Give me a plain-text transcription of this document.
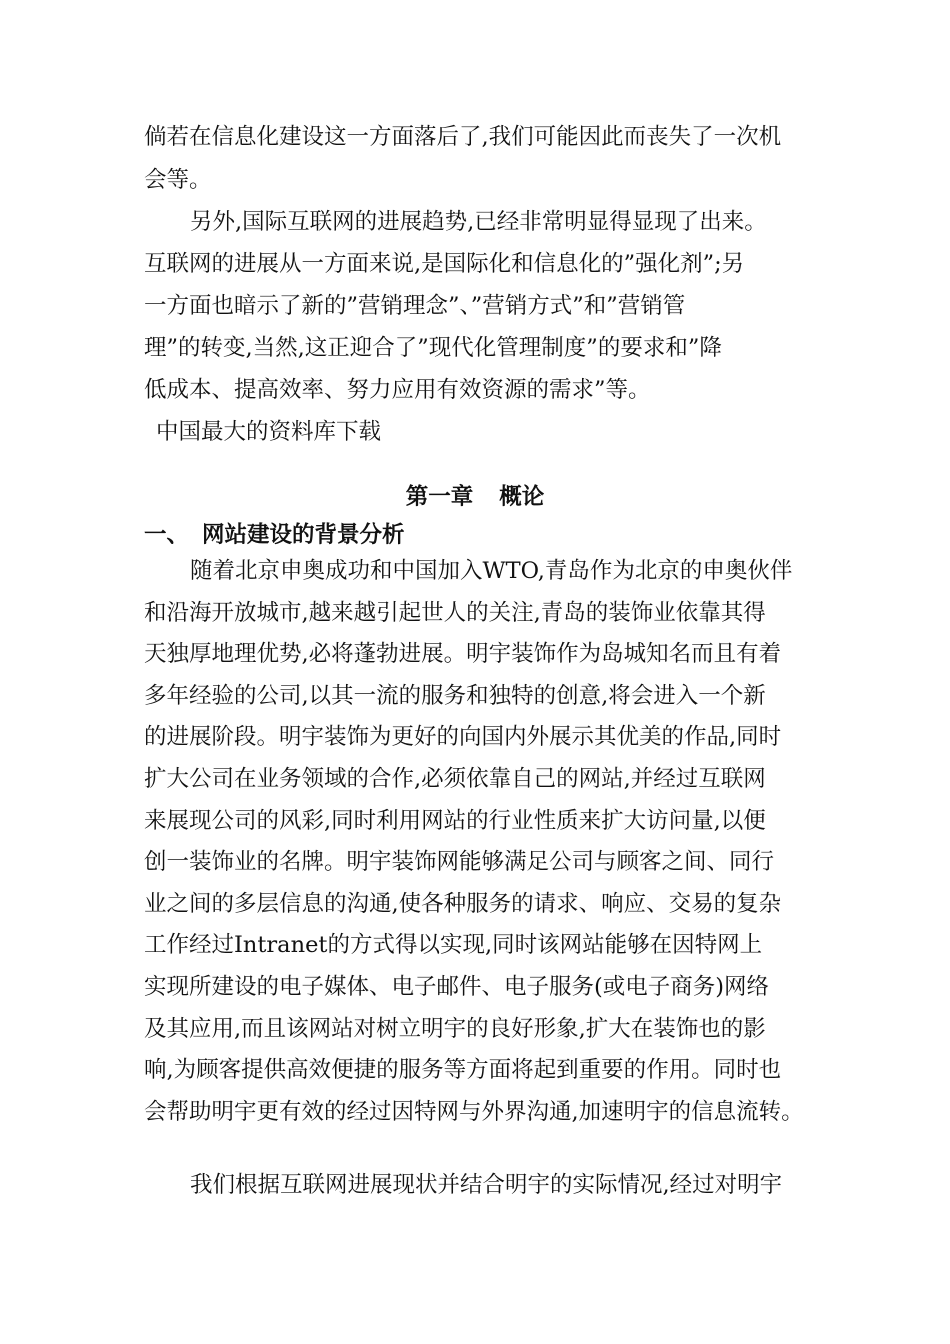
倘若在信息化建设这一方面落后了,我们可能因此而丧失了一次机
会等。
另外,国际互联网的进展趋势,已经非常明显得显现了出来。
互联网的进展从一方面来说,是国际化和信息化的”强化剂”;另
一方面也暗示了新的”营销理念”、”营销方式”和”营销管
理”的转变,当然,这正迎合了”现代化管理制度”的要求和”降
低成本、提高效率、努力应用有效资源的需求”等。
中国最大的资料库下载
第一章 概论
一、 网站建设的背景分析
随着北京申奥成功和中国加入WTO,青岛作为北京的申奥伙伴
和沿海开放城市,越来越引起世人的关注,青岛的装饰业依靠其得
天独厚地理优势,必将蓬勃进展。明宇装饰作为岛城知名而且有着
多年经验的公司,以其一流的服务和独特的创意,将会进入一个新
的进展阶段。明宇装饰为更好的向国内外展示其优美的作品,同时
扩大公司在业务领域的合作,必须依靠自己的网站,并经过互联网
来展现公司的风彩,同时利用网站的行业性质来扩大访问量,以便
创一装饰业的名牌。明宇装饰网能够满足公司与顾客之间、同行
业之间的多层信息的沟通,使各种服务的请求、响应、交易的复杂
工作经过Intranet的方式得以实现,同时该网站能够在因特网上
实现所建设的电子媒体、电子邮件、电子服务(或电子商务)网络
及其应用,而且该网站对树立明宇的良好形象,扩大在装饰也的影
响,为顾客提供高效便捷的服务等方面将起到重要的作用。同时也
会帮助明宇更有效的经过因特网与外界沟通,加速明宇的信息流转。
我们根据互联网进展现状并结合明宇的实际情况,经过对明宇
